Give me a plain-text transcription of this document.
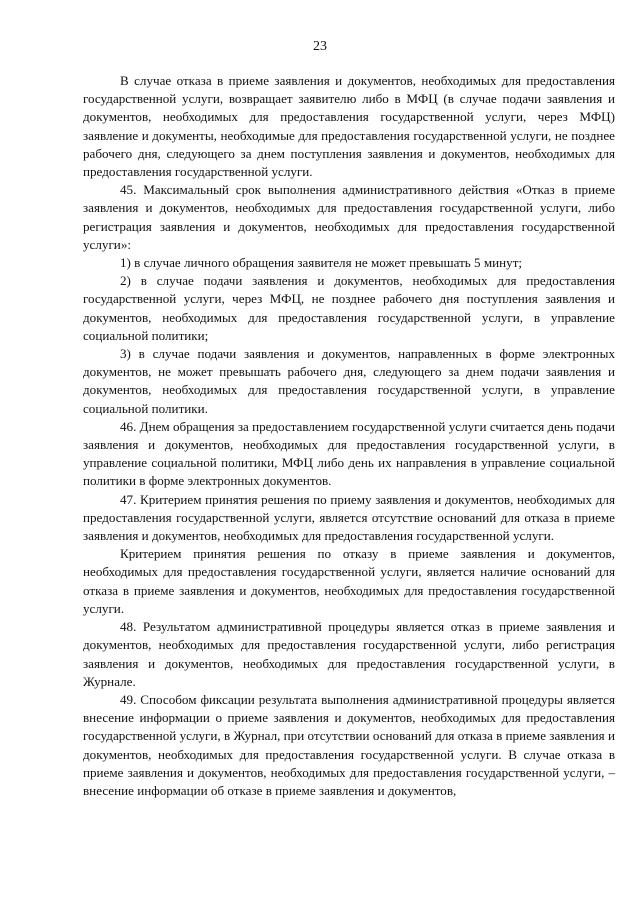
23

В случае отказа в приеме заявления и документов, необходимых для предоставления государственной услуги, возвращает заявителю либо в МФЦ (в случае подачи заявления и документов, необходимых для предоставления государственной услуги, через МФЦ) заявление и документы, необходимые для предоставления государственной услуги, не позднее рабочего дня, следующего за днем поступления заявления и документов, необходимых для предоставления государственной услуги.

45. Максимальный срок выполнения административного действия «Отказ в приеме заявления и документов, необходимых для предоставления государственной услуги, либо регистрация заявления и документов, необходимых для предоставления государственной услуги»:

1) в случае личного обращения заявителя не может превышать 5 минут;

2) в случае подачи заявления и документов, необходимых для предоставления государственной услуги, через МФЦ, не позднее рабочего дня поступления заявления и документов, необходимых для предоставления государственной услуги, в управление социальной политики;

3) в случае подачи заявления и документов, направленных в форме электронных документов, не может превышать рабочего дня, следующего за днем подачи заявления и документов, необходимых для предоставления государственной услуги, в управление социальной политики.

46. Днем обращения за предоставлением государственной услуги считается день подачи заявления и документов, необходимых для предоставления государственной услуги, в управление социальной политики, МФЦ либо день их направления в управление социальной политики в форме электронных документов.

47. Критерием принятия решения по приему заявления и документов, необходимых для предоставления государственной услуги, является отсутствие оснований для отказа в приеме заявления и документов, необходимых для предоставления государственной услуги.

Критерием принятия решения по отказу в приеме заявления и документов, необходимых для предоставления государственной услуги, является наличие оснований для отказа в приеме заявления и документов, необходимых для предоставления государственной услуги.

48. Результатом административной процедуры является отказ в приеме заявления и документов, необходимых для предоставления государственной услуги, либо регистрация заявления и документов, необходимых для предоставления государственной услуги, в Журнале.

49. Способом фиксации результата выполнения административной процедуры является внесение информации о приеме заявления и документов, необходимых для предоставления государственной услуги, в Журнал, при отсутствии оснований для отказа в приеме заявления и документов, необходимых для предоставления государственной услуги. В случае отказа в приеме заявления и документов, необходимых для предоставления государственной услуги, – внесение информации об отказе в приеме заявления и документов,
